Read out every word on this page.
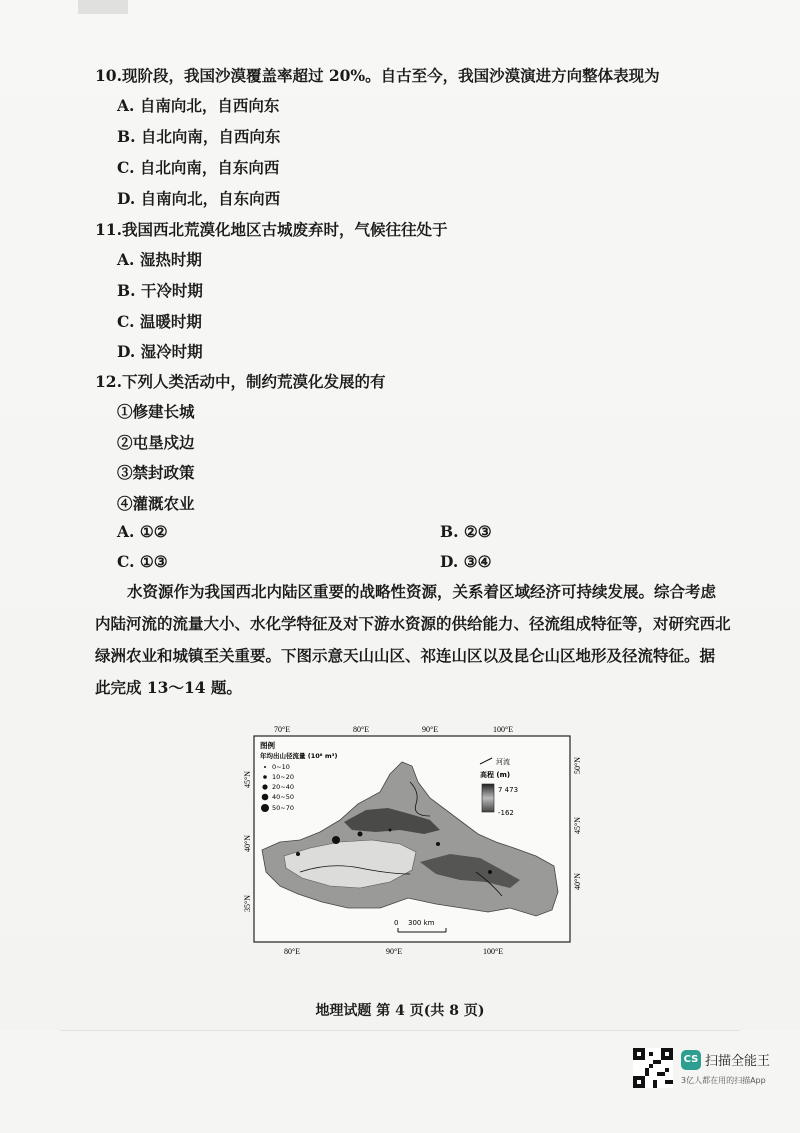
10.现阶段，我国沙漠覆盖率超过 20%。自古至今，我国沙漠演进方向整体表现为
A. 自南向北，自西向东
B. 自北向南，自西向东
C. 自北向南，自东向西
D. 自南向北，自东向西
11.我国西北荒漠化地区古城废弃时，气候往往处于
A. 湿热时期
B. 干冷时期
C. 温暖时期
D. 湿冷时期
12.下列人类活动中，制约荒漠化发展的有
①修建长城
②屯垦戍边
③禁封政策
④灌溉农业
A. ①②	B. ②③
C. ①③	D. ③④
水资源作为我国西北内陆区重要的战略性资源，关系着区域经济可持续发展。综合考虑
内陆河流的流量大小、水化学特征及对下游水资源的供给能力、径流组成特征等，对研究西北
绿洲农业和城镇至关重要。下图示意天山山区、祁连山区以及昆仑山区地形及径流特征。据
此完成 13～14 题。
70°E	80°E	90°E	100°E
80°E	90°E	100°E
45°N
40°N
35°N
50°N
45°N
40°N
图例
年均出山径流量 (10⁸ m³)
0~10
10~20
20~40
40~50
50~70
河流
高程 (m)
7 473
-162
0 300 km
地理试题 第 4 页(共 8 页)
CS 扫描全能王
3亿人都在用的扫描App
